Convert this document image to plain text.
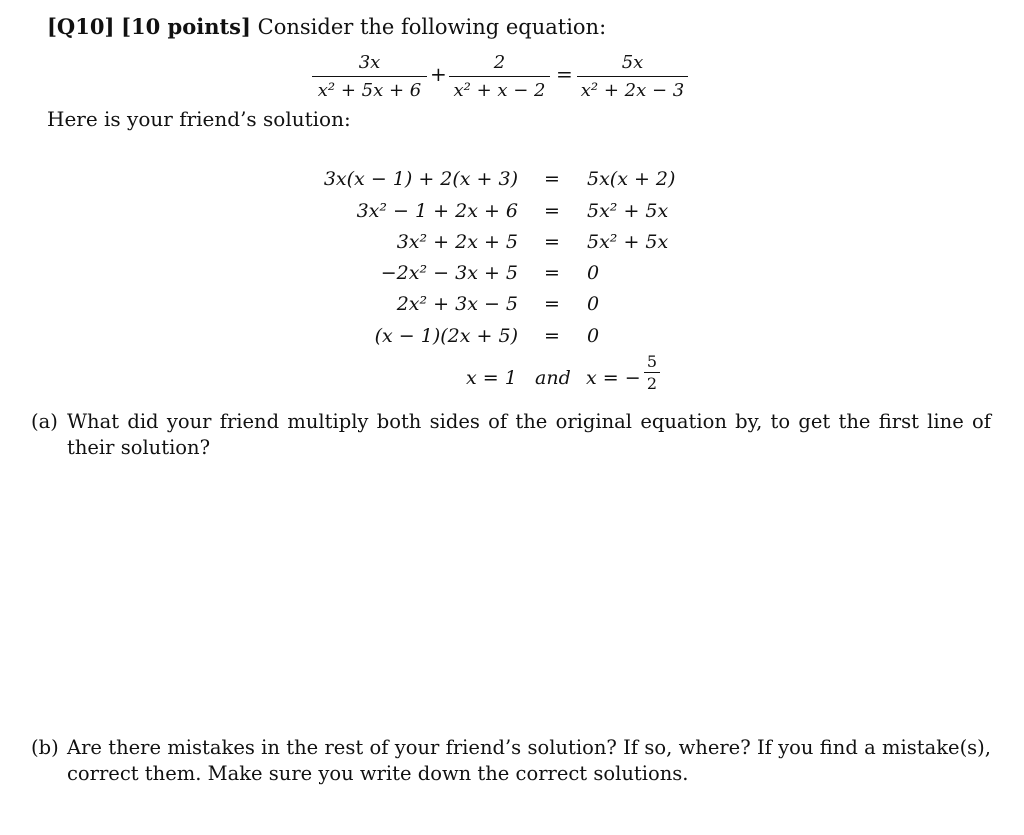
[Q10] [10 points] Consider the following equation:
3x
x² + 5x + 6
+	2
x² + x − 2
=	5x
x² + 2x − 3
Here is your friend’s solution:
3x(x − 1) + 2(x + 3) = 5x(x + 2)
3x² − 1 + 2x + 6 = 5x² + 5x
3x² + 2x + 5 = 5x² + 5x
−2x² − 3x + 5 = 0
2x² + 3x − 5 = 0
(x − 1)(2x + 5) = 0
x = 1 and x = −
5
2
(a) What did your friend multiply both sides of the original equation by, to get the first line of their solution?
(b) Are there mistakes in the rest of your friend’s solution? If so, where? If you find a mistake(s), correct them. Make sure you write down the correct solutions.
